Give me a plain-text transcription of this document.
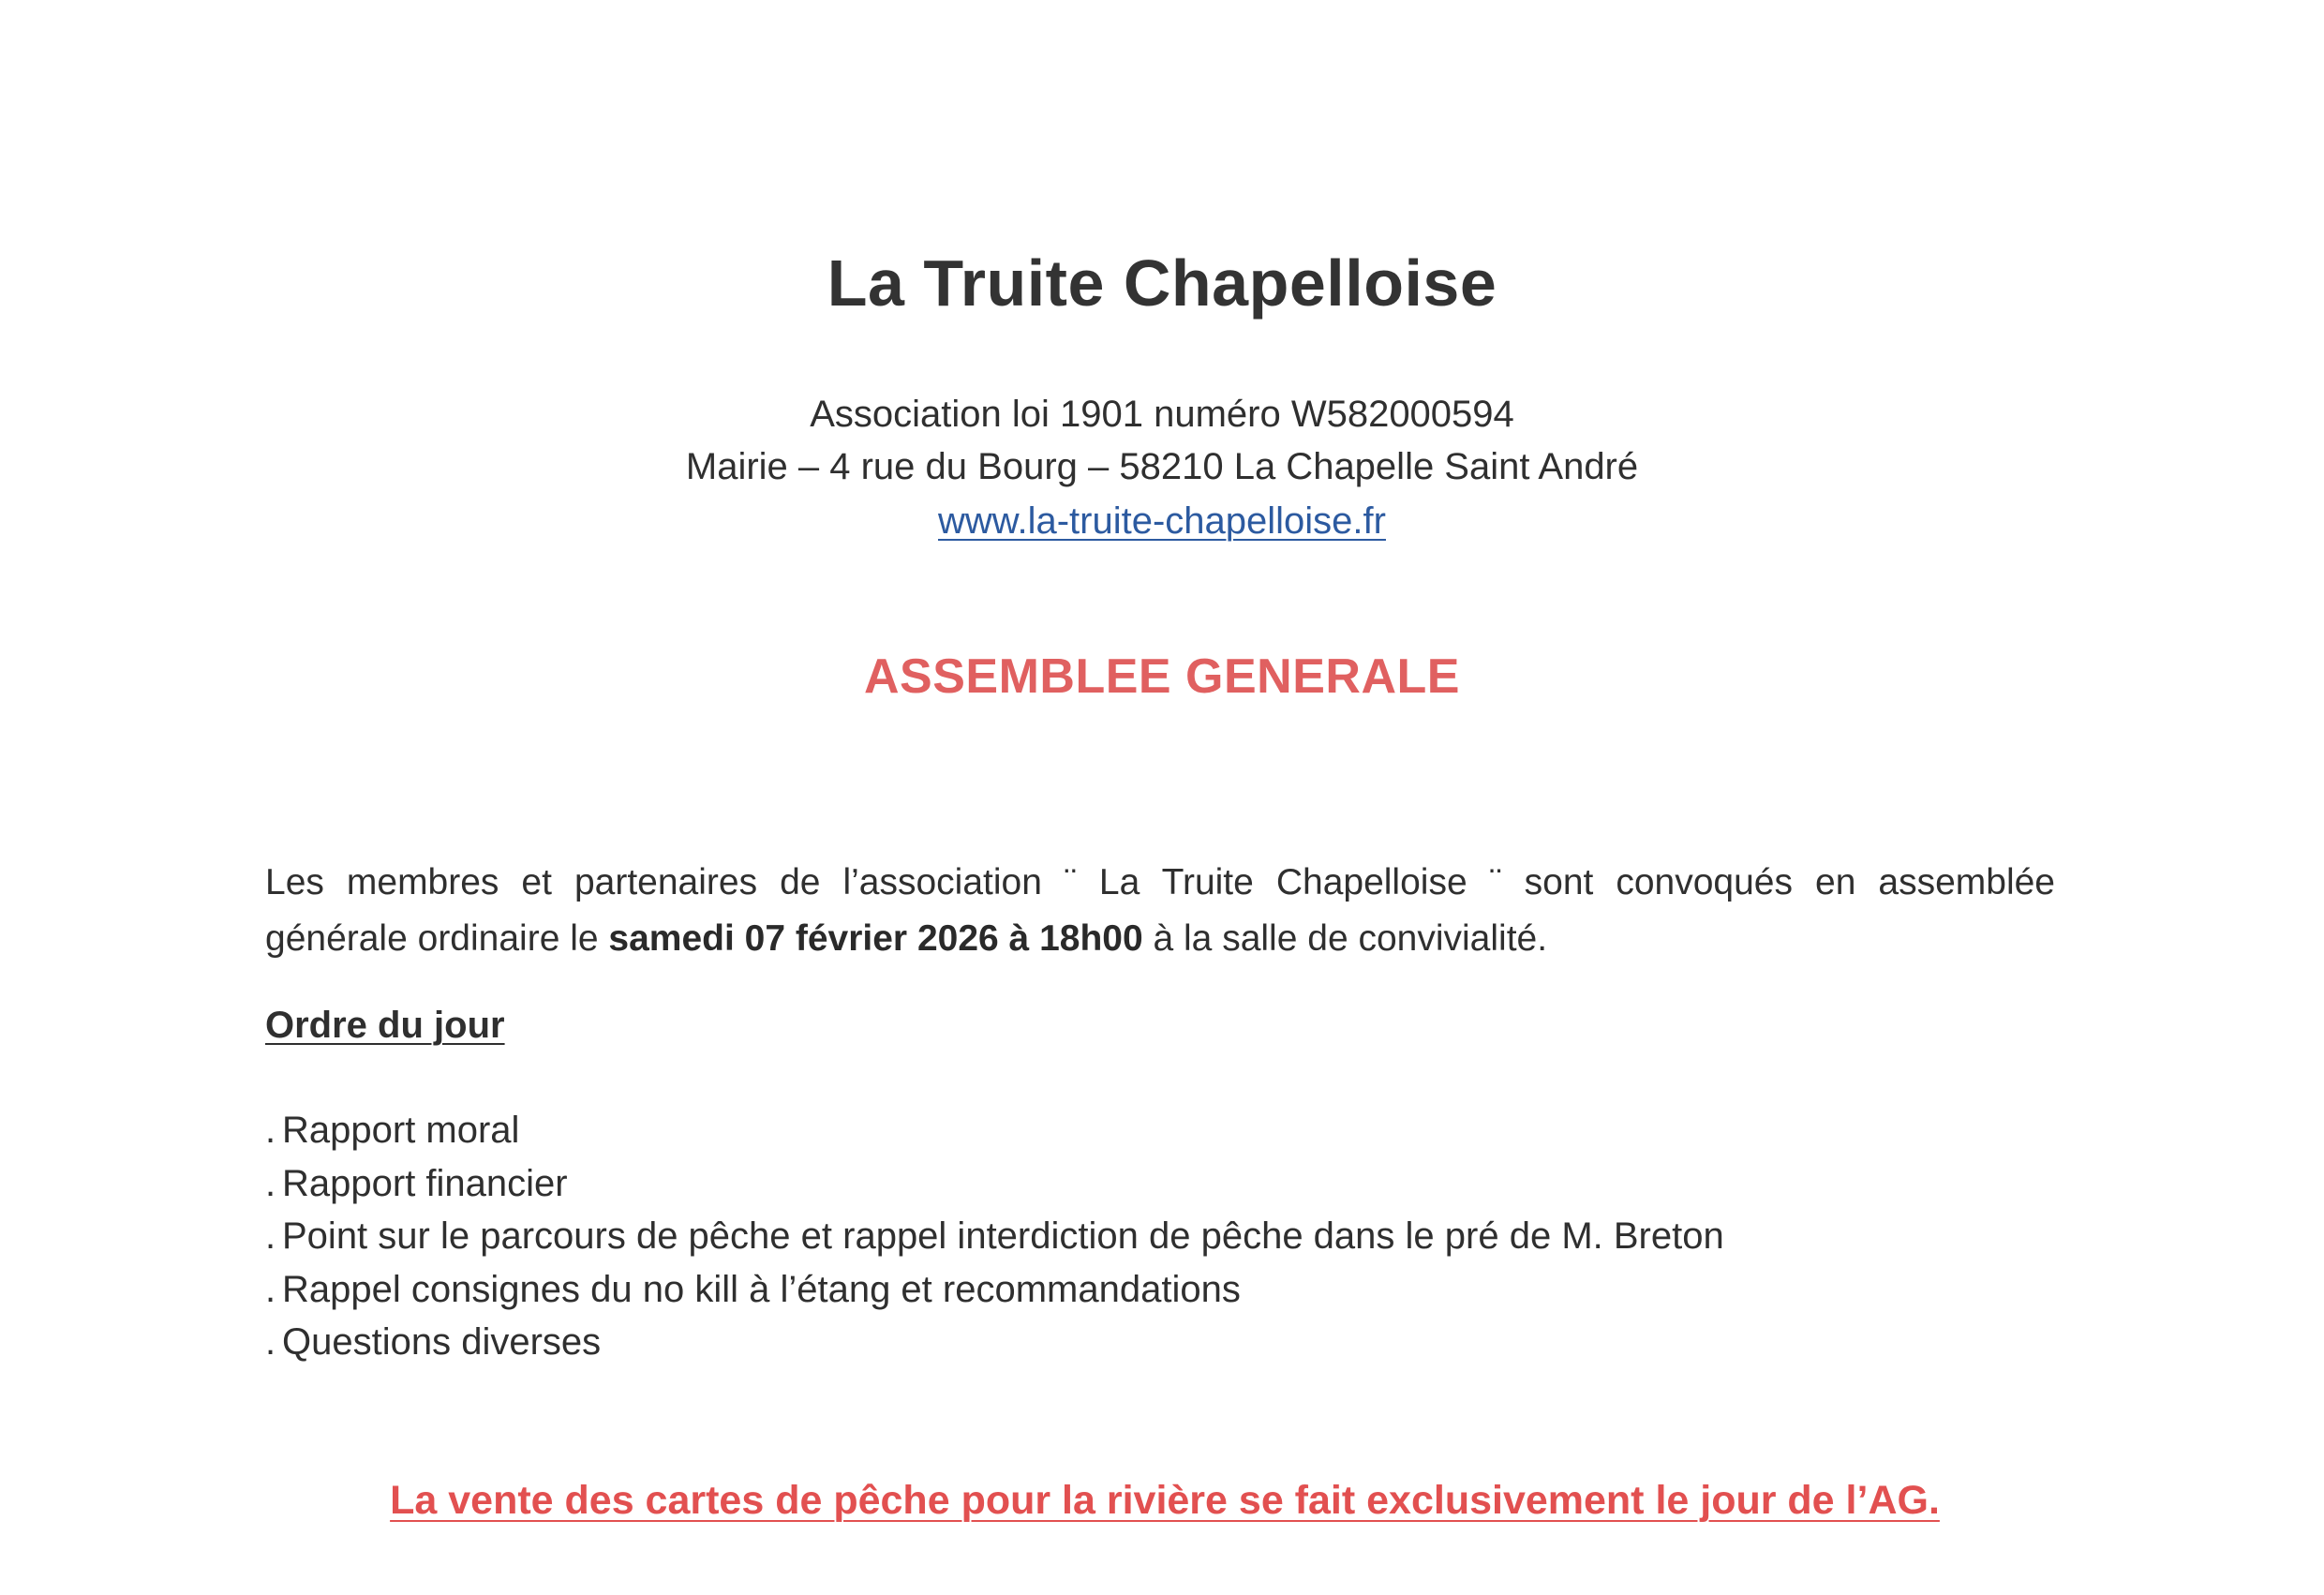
La Truite Chapelloise
Association loi 1901 numéro W582000594
Mairie – 4 rue du Bourg – 58210 La Chapelle Saint André
www.la-truite-chapelloise.fr
ASSEMBLEE GENERALE
Les membres et partenaires de l’association ¨ La Truite Chapelloise ¨ sont convoqués en assemblée
générale ordinaire le samedi 07 février 2026 à 18h00 à la salle de convivialité.
Ordre du jour
. Rapport moral
. Rapport financier
. Point sur le parcours de pêche et rappel interdiction de pêche dans le pré de M. Breton
. Rappel consignes du no kill à l’étang et recommandations
. Questions diverses
La vente des cartes de pêche pour la rivière se fait exclusivement le jour de l’AG.
